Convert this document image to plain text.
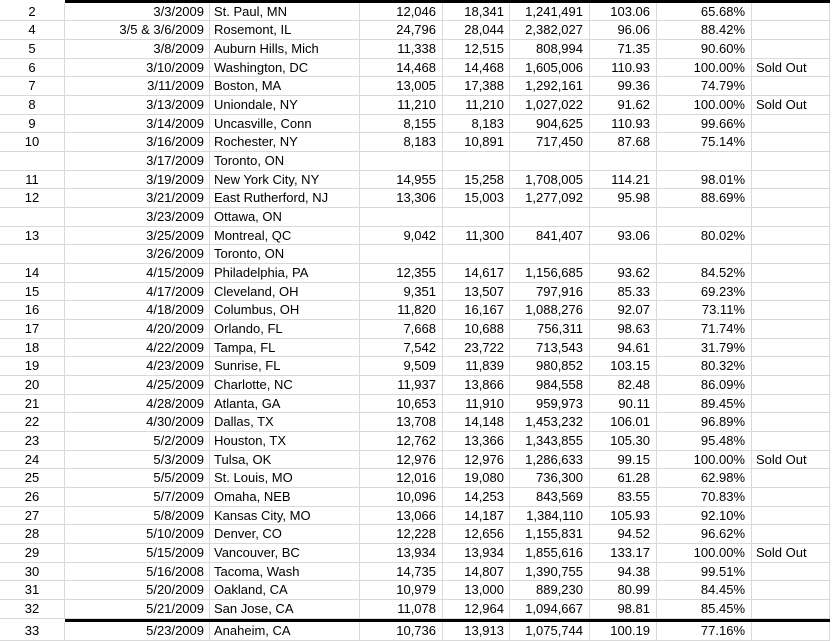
2	3/3/2009 St. Paul, MN	12,046	18,341	1,241,491	103.06	65.68%
4	3/5 & 3/6/2009 Rosemont, IL	24,796	28,044	2,382,027	96.06	88.42%
5	3/8/2009 Auburn Hills, Mich	11,338	12,515	808,994	71.35	90.60%
6	3/10/2009 Washington, DC	14,468	14,468	1,605,006	110.93	100.00% Sold Out
7	3/11/2009 Boston, MA	13,005	17,388	1,292,161	99.36	74.79%
8	3/13/2009 Uniondale, NY	11,210	11,210	1,027,022	91.62	100.00% Sold Out
9	3/14/2009 Uncasville, Conn	8,155	8,183	904,625	110.93	99.66%
10	3/16/2009 Rochester, NY	8,183	10,891	717,450	87.68	75.14%
3/17/2009 Toronto, ON
11	3/19/2009 New York City, NY	14,955	15,258	1,708,005	114.21	98.01%
12	3/21/2009 East Rutherford, NJ	13,306	15,003	1,277,092	95.98	88.69%
3/23/2009 Ottawa, ON
13	3/25/2009 Montreal, QC	9,042	11,300	841,407	93.06	80.02%
3/26/2009 Toronto, ON
14	4/15/2009 Philadelphia, PA	12,355	14,617	1,156,685	93.62	84.52%
15	4/17/2009 Cleveland, OH	9,351	13,507	797,916	85.33	69.23%
16	4/18/2009 Columbus, OH	11,820	16,167	1,088,276	92.07	73.11%
17	4/20/2009 Orlando, FL	7,668	10,688	756,311	98.63	71.74%
18	4/22/2009 Tampa, FL	7,542	23,722	713,543	94.61	31.79%
19	4/23/2009 Sunrise, FL	9,509	11,839	980,852	103.15	80.32%
20	4/25/2009 Charlotte, NC	11,937	13,866	984,558	82.48	86.09%
21	4/28/2009 Atlanta, GA	10,653	11,910	959,973	90.11	89.45%
22	4/30/2009 Dallas, TX	13,708	14,148	1,453,232	106.01	96.89%
23	5/2/2009 Houston, TX	12,762	13,366	1,343,855	105.30	95.48%
24	5/3/2009 Tulsa, OK	12,976	12,976	1,286,633	99.15	100.00% Sold Out
25	5/5/2009 St. Louis, MO	12,016	19,080	736,300	61.28	62.98%
26	5/7/2009 Omaha, NEB	10,096	14,253	843,569	83.55	70.83%
27	5/8/2009 Kansas City, MO	13,066	14,187	1,384,110	105.93	92.10%
28	5/10/2009 Denver, CO	12,228	12,656	1,155,831	94.52	96.62%
29	5/15/2009 Vancouver, BC	13,934	13,934	1,855,616	133.17	100.00% Sold Out
30	5/16/2008 Tacoma, Wash	14,735	14,807	1,390,755	94.38	99.51%
31	5/20/2009 Oakland, CA	10,979	13,000	889,230	80.99	84.45%
32	5/21/2009 San Jose, CA	11,078	12,964	1,094,667	98.81	85.45%
33	5/23/2009 Anaheim, CA	10,736	13,913	1,075,744	100.19	77.16%
